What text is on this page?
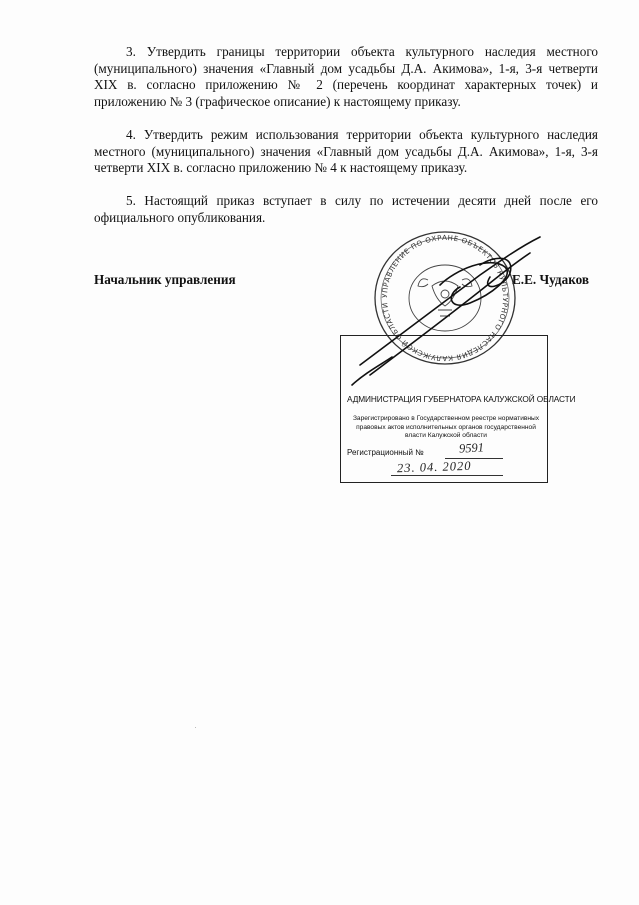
3. Утвердить границы территории объекта культурного наследия местного (муниципального) значения «Главный дом усадьбы Д.А. Акимова», 1-я, 3-я четверти XIX в. согласно приложению № 2 (перечень координат характерных точек) и приложению № 3 (графическое описание) к настоящему приказу.

4. Утвердить режим использования территории объекта культурного наследия местного (муниципального) значения «Главный дом усадьбы Д.А. Акимова», 1-я, 3-я четверти XIX в. согласно приложению № 4 к настоящему приказу.

5. Настоящий приказ вступает в силу по истечении десяти дней после его официального опубликования.

Начальник управления	Е.Е. Чудаков
УПРАВЛЕНИЕ ПО ОХРАНЕ ОБЪЕКТОВ КУЛЬТУРНОГО НАСЛЕДИЯ КАЛУЖСКОЙ ОБЛАСТИ
АДМИНИСТРАЦИЯ ГУБЕРНАТОРА КАЛУЖСКОЙ ОБЛАСТИ
Зарегистрировано в Государственном реестре нормативных правовых актов исполнительных органов государственной власти Калужской области
Регистрационный №	9591
23. 04. 2020
